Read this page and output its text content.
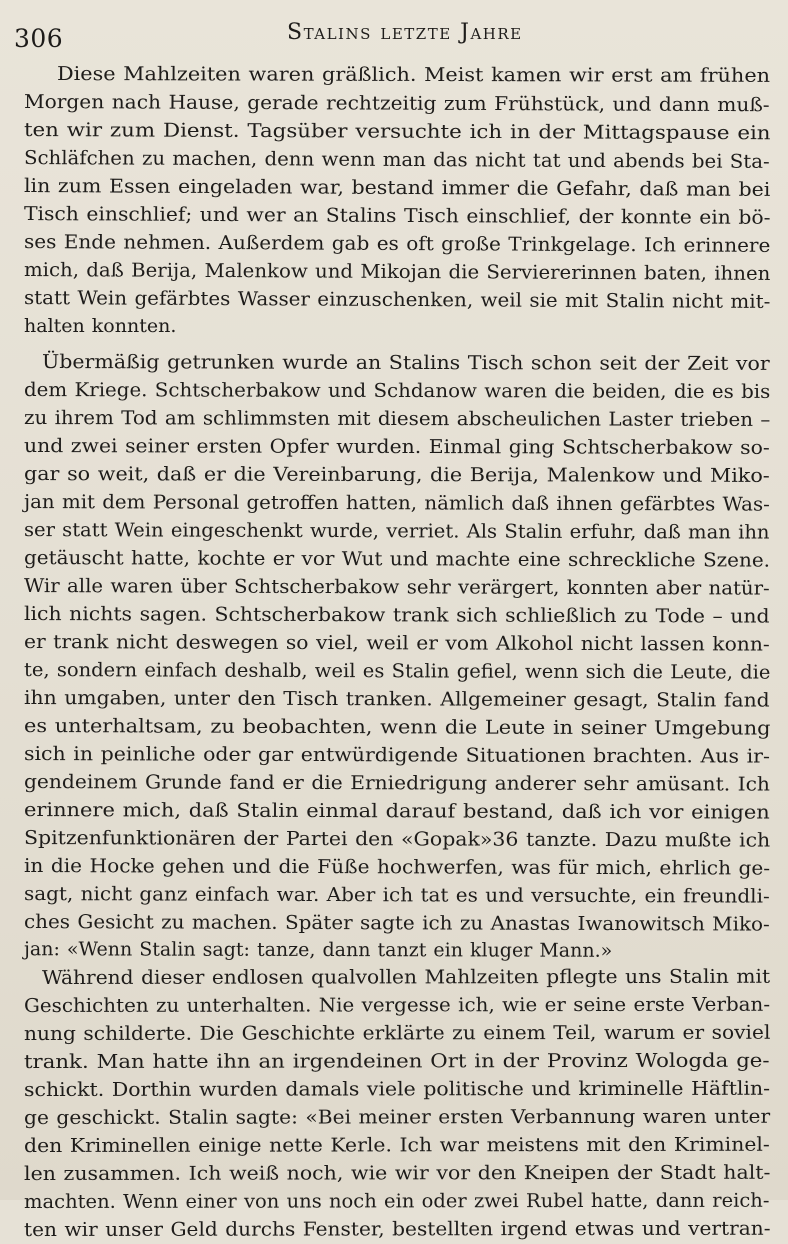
306	Stalins letzte Jahre
Diese Mahlzeiten waren gräßlich. Meist kamen wir erst am frühen
Morgen nach Hause, gerade rechtzeitig zum Frühstück, und dann muß-
ten wir zum Dienst. Tagsüber versuchte ich in der Mittagspause ein
Schläfchen zu machen, denn wenn man das nicht tat und abends bei Sta-
lin zum Essen eingeladen war, bestand immer die Gefahr, daß man bei
Tisch einschlief; und wer an Stalins Tisch einschlief, der konnte ein bö-
ses Ende nehmen. Außerdem gab es oft große Trinkgelage. Ich erinnere
mich, daß Berija, Malenkow und Mikojan die Serviererinnen baten, ihnen
statt Wein gefärbtes Wasser einzuschenken, weil sie mit Stalin nicht mit-
halten konnten.
Übermäßig getrunken wurde an Stalins Tisch schon seit der Zeit vor
dem Kriege. Schtscherbakow und Schdanow waren die beiden, die es bis
zu ihrem Tod am schlimmsten mit diesem abscheulichen Laster trieben –
und zwei seiner ersten Opfer wurden. Einmal ging Schtscherbakow so-
gar so weit, daß er die Vereinbarung, die Berija, Malenkow und Miko-
jan mit dem Personal getroffen hatten, nämlich daß ihnen gefärbtes Was-
ser statt Wein eingeschenkt wurde, verriet. Als Stalin erfuhr, daß man ihn
getäuscht hatte, kochte er vor Wut und machte eine schreckliche Szene.
Wir alle waren über Schtscherbakow sehr verärgert, konnten aber natür-
lich nichts sagen. Schtscherbakow trank sich schließlich zu Tode – und
er trank nicht deswegen so viel, weil er vom Alkohol nicht lassen konn-
te, sondern einfach deshalb, weil es Stalin gefiel, wenn sich die Leute, die
ihn umgaben, unter den Tisch tranken. Allgemeiner gesagt, Stalin fand
es unterhaltsam, zu beobachten, wenn die Leute in seiner Umgebung
sich in peinliche oder gar entwürdigende Situationen brachten. Aus ir-
gendeinem Grunde fand er die Erniedrigung anderer sehr amüsant. Ich
erinnere mich, daß Stalin einmal darauf bestand, daß ich vor einigen
Spitzenfunktionären der Partei den «Gopak»36 tanzte. Dazu mußte ich
in die Hocke gehen und die Füße hochwerfen, was für mich, ehrlich ge-
sagt, nicht ganz einfach war. Aber ich tat es und versuchte, ein freundli-
ches Gesicht zu machen. Später sagte ich zu Anastas Iwanowitsch Miko-
jan: «Wenn Stalin sagt: tanze, dann tanzt ein kluger Mann.»
Während dieser endlosen qualvollen Mahlzeiten pflegte uns Stalin mit
Geschichten zu unterhalten. Nie vergesse ich, wie er seine erste Verban-
nung schilderte. Die Geschichte erklärte zu einem Teil, warum er soviel
trank. Man hatte ihn an irgendeinen Ort in der Provinz Wologda ge-
schickt. Dorthin wurden damals viele politische und kriminelle Häftlin-
ge geschickt. Stalin sagte: «Bei meiner ersten Verbannung waren unter
den Kriminellen einige nette Kerle. Ich war meistens mit den Kriminel-
len zusammen. Ich weiß noch, wie wir vor den Kneipen der Stadt halt-
machten. Wenn einer von uns noch ein oder zwei Rubel hatte, dann reich-
ten wir unser Geld durchs Fenster, bestellten irgend etwas und vertran-
